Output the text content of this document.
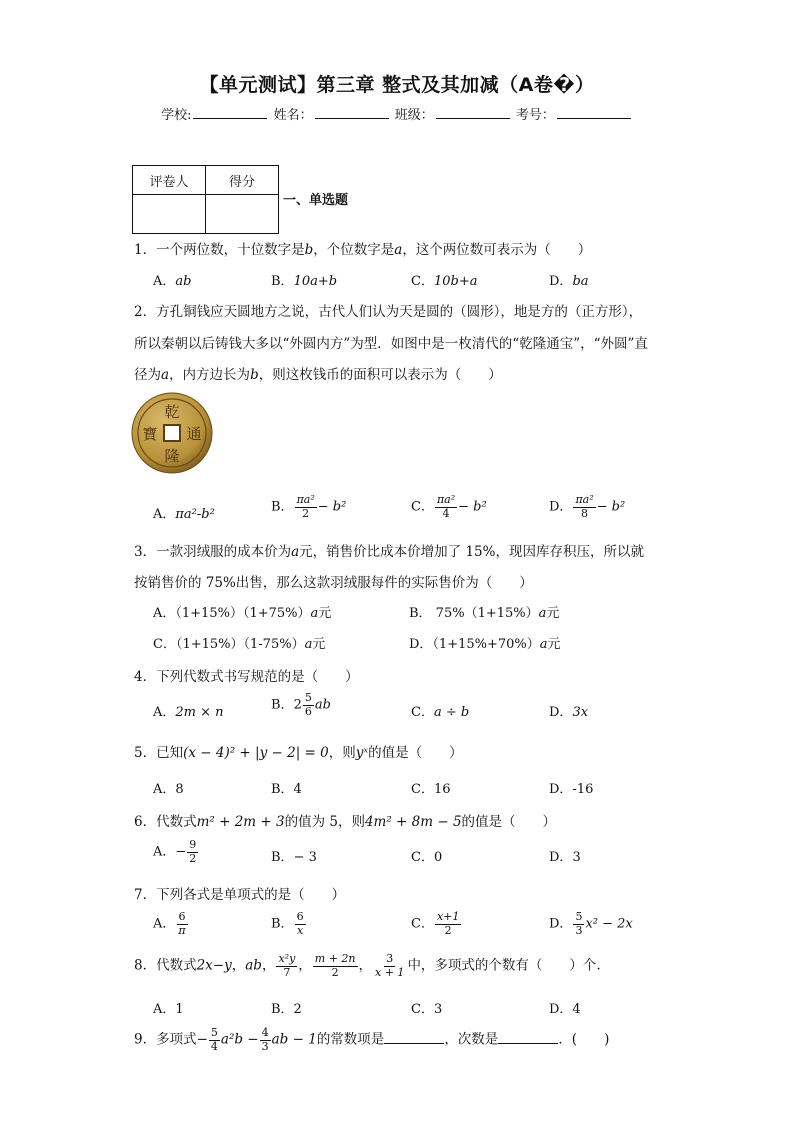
【单元测试】第三章 整式及其加减（A卷�）
学校:	姓名：	班级：	考号：
评卷人	得分

一、单选题
1．一个两位数，十位数字是b，个位数字是a，这个两位数可表示为（　　）
A．ab	B．10a+b	C．10b+a	D．ba
2．方孔铜钱应天圆地方之说，古代人们认为天是圆的（圆形），地是方的（正方形），
所以秦朝以后铸钱大多以“外圆内方”为型．如图中是一枚清代的“乾隆通宝”，“外圆”直
径为a，内方边长为b，则这枚钱币的面积可以表示为（　　）
乾
隆
通
寶
A．πa²-b²	B． $\frac{\text{πa²}}{2} - b^2$	C． $\frac{\text{πa²}}{4} - b^2$	D． $\frac{\text{πa²}}{8} - b^2$
3．一款羽绒服的成本价为a元，销售价比成本价增加了 15%，现因库存积压，所以就
按销售价的 75%出售，那么这款羽绒服每件的实际售价为（　　）
A．（1+15%）（1+75%）a元	B． 75%（1+15%）a元
C．（1+15%）（1-75%）a元	D．（1+15%+70%）a元
4．下列代数式书写规范的是（　　）
A．2m × n	B．$2 \frac{5}{6}$ ab	C．a ÷ b	D．3x
5．已知(x − 4)² + |y − 2| = 0，则yˣ的值是（　　）
A．8	B．4	C．16	D．-16
6．代数式m² + 2m + 3的值为 5，则4m² + 8m − 5的值是（　　）
A．− $\frac{9}{2}$	B．− 3	C．0	D．3
7．下列各式是单项式的是（　　）
A． $\frac{6}{\pi}$	B． $\frac{6}{x}$	C． $\frac{x+1}{2}$	D． $\frac{5}{3} x^2 - 2x$
8．代数式2x−y，ab， $\frac{\text{x²y}}{7}$ ， $\frac{m + 2n}{2}$ ， $\frac{3}{x + 1}$ 中，多项式的个数有（　　）个.
A．1	B．2	C．3	D．4
9．多项式− $\frac{5}{4} a^2b - \frac{4}{3}$ ab − 1的常数项是	，次数是	．(　　)
